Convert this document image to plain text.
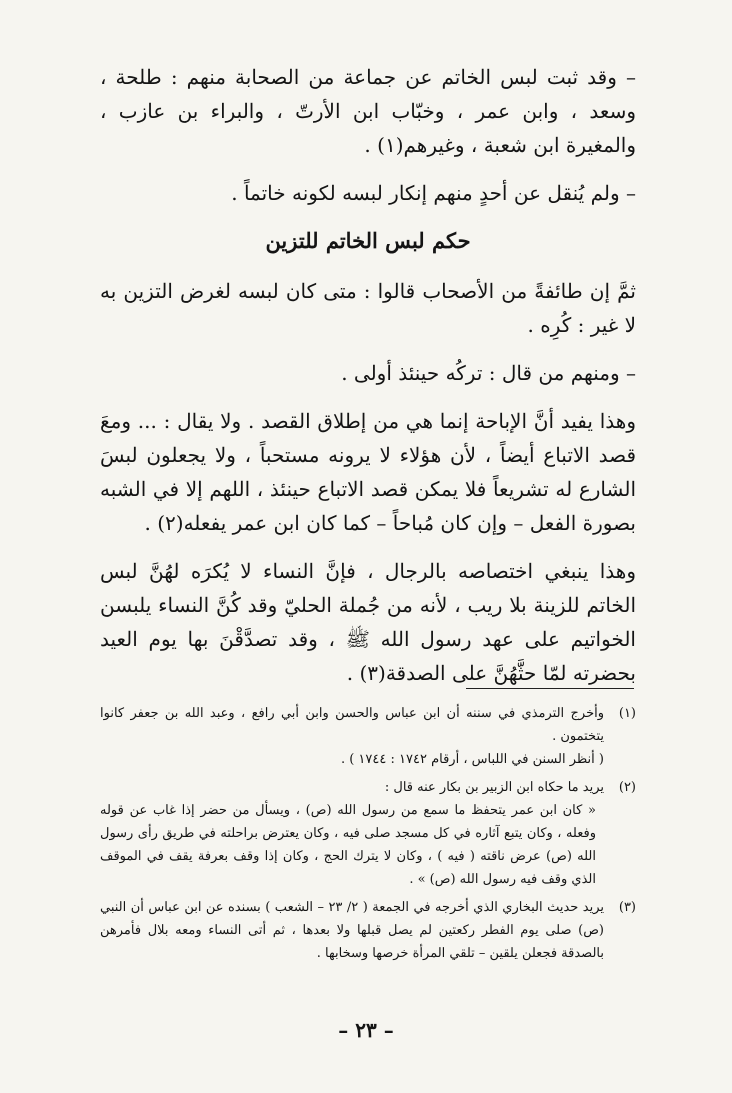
– وقد ثبت لبس الخاتم عن جماعة من الصحابة منهم : طلحة ، وسعد ، وابن عمر ، وخبّاب ابن الأرتّ ، والبراء بن عازب ، والمغيرة ابن شعبة ، وغيرهم(١) .

– ولم يُنقل عن أحدٍ منهم إنكار لبسه لكونه خاتماً .

حكم لبس الخاتم للتزين

ثمَّ إن طائفةً من الأصحاب قالوا : متى كان لبسه لغرض التزين به لا غير : كُرِه .

– ومنهم من قال : تركُه حينئذ أولى .

وهذا يفيد أنَّ الإباحة إنما هي من إطلاق القصد . ولا يقال : ... ومعَ قصد الاتباع أيضاً ، لأن هؤلاء لا يرونه مستحباً ، ولا يجعلون لبسَ الشارع له تشريعاً فلا يمكن قصد الاتباع حينئذ ، اللهم إلا في الشبه بصورة الفعل – وإن كان مُباحاً – كما كان ابن عمر يفعله(٢) .

وهذا ينبغي اختصاصه بالرجال ، فإنَّ النساء لا يُكرَه لهُنَّ لبس الخاتم للزينة بلا ريب ، لأنه من جُملة الحليّ وقد كُنَّ النساء يلبسن الخواتيم على عهد رسول الله ﷺ ، وقد تصدَّقْنَ بها يوم العيد بحضرته لمّا حثَّهُنَّ على الصدقة(٣) .

(١)
وأخرج الترمذي في سننه أن ابن عباس والحسن وابن أبي رافع ، وعبد الله بن جعفر كانوا يتختمون .
( أنظر السنن في اللباس ، أرقام ١٧٤٢ : ١٧٤٤ ) .
(٢)
يريد ما حكاه ابن الزبير بن بكار عنه قال :
« كان ابن عمر يتحفظ ما سمع من رسول الله (ص) ، ويسأل من حضر إذا غاب عن قوله وفعله ، وكان يتبع آثاره في كل مسجد صلى فيه ، وكان يعترض براحلته في طريق رأى رسول الله (ص) عرض ناقته ( فيه ) ، وكان لا يترك الحج ، وكان إذا وقف بعرفة يقف في الموقف الذي وقف فيه رسول الله (ص) » .
(٣)
يريد حديث البخاري الذي أخرجه في الجمعة ( ٢/ ٢٣ – الشعب ) بسنده عن ابن عباس أن النبي (ص) صلى يوم الفطر ركعتين لم يصل قبلها ولا بعدها ، ثم أتى النساء ومعه بلال فأمرهن بالصدقة فجعلن يلقين – تلقي المرأة خرصها وسخابها .
– ٢٣ –
